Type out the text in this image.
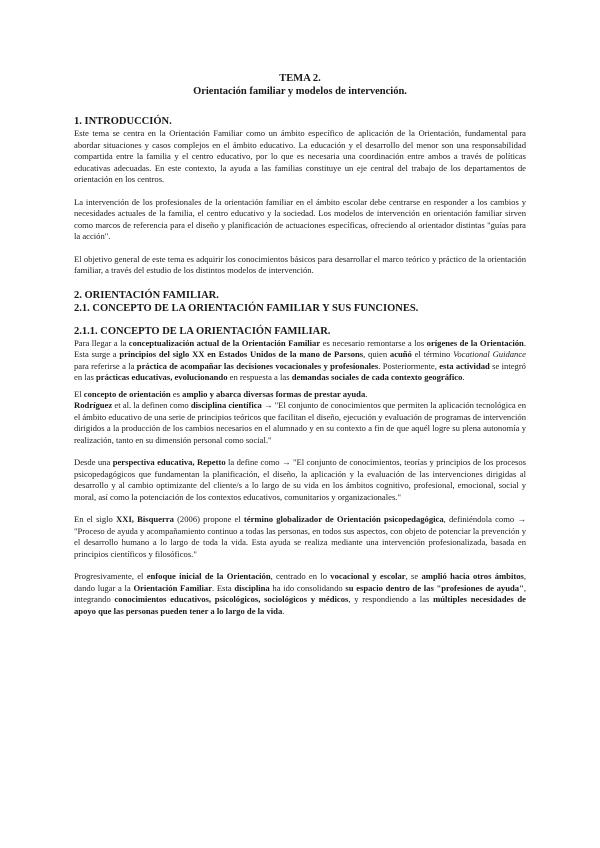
TEMA 2.
Orientación familiar y modelos de intervención.
1. INTRODUCCIÓN.

Este tema se centra en la Orientación Familiar como un ámbito específico de aplicación de la Orientación, fundamental para abordar situaciones y casos complejos en el ámbito educativo. La educación y el desarrollo del menor son una responsabilidad compartida entre la familia y el centro educativo, por lo que es necesaria una coordinación entre ambos a través de políticas educativas adecuadas. En este contexto, la ayuda a las familias constituye un eje central del trabajo de los departamentos de orientación en los centros.

La intervención de los profesionales de la orientación familiar en el ámbito escolar debe centrarse en responder a los cambios y necesidades actuales de la familia, el centro educativo y la sociedad. Los modelos de intervención en orientación familiar sirven como marcos de referencia para el diseño y planificación de actuaciones específicas, ofreciendo al orientador distintas "guías para la acción".

El objetivo general de este tema es adquirir los conocimientos básicos para desarrollar el marco teórico y práctico de la orientación familiar, a través del estudio de los distintos modelos de intervención.

2. ORIENTACIÓN FAMILIAR.
2.1. CONCEPTO DE LA ORIENTACIÓN FAMILIAR Y SUS FUNCIONES.
2.1.1. CONCEPTO DE LA ORIENTACIÓN FAMILIAR.

Para llegar a la conceptualización actual de la Orientación Familiar es necesario remontarse a los orígenes de la Orientación. Esta surge a principios del siglo XX en Estados Unidos de la mano de Parsons, quien acuñó el término Vocational Guidance para referirse a la práctica de acompañar las decisiones vocacionales y profesionales. Posteriormente, esta actividad se integró en las prácticas educativas, evolucionando en respuesta a las demandas sociales de cada contexto geográfico.

El concepto de orientación es amplio y abarca diversas formas de prestar ayuda.

Rodríguez et al. la definen como disciplina científica → "El conjunto de conocimientos que permiten la aplicación tecnológica en el ámbito educativo de una serie de principios teóricos que facilitan el diseño, ejecución y evaluación de programas de intervención dirigidos a la producción de los cambios necesarios en el alumnado y en su contexto a fin de que aquél logre su plena autonomía y realización, tanto en su dimensión personal como social."

Desde una perspectiva educativa, Repetto la define como → "El conjunto de conocimientos, teorías y principios de los procesos psicopedagógicos que fundamentan la planificación, el diseño, la aplicación y la evaluación de las intervenciones dirigidas al desarrollo y al cambio optimizante del cliente/s a lo largo de su vida en los ámbitos cognitivo, profesional, emocional, social y moral, así como la potenciación de los contextos educativos, comunitarios y organizacionales."

En el siglo XXI, Bisquerra (2006) propone el término globalizador de Orientación psicopedagógica, definiéndola como → "Proceso de ayuda y acompañamiento continuo a todas las personas, en todos sus aspectos, con objeto de potenciar la prevención y el desarrollo humano a lo largo de toda la vida. Esta ayuda se realiza mediante una intervención profesionalizada, basada en principios científicos y filosóficos."

Progresivamente, el enfoque inicial de la Orientación, centrado en lo vocacional y escolar, se amplió hacia otros ámbitos, dando lugar a la Orientación Familiar. Esta disciplina ha ido consolidando su espacio dentro de las "profesiones de ayuda", integrando conocimientos educativos, psicológicos, sociológicos y médicos, y respondiendo a las múltiples necesidades de apoyo que las personas pueden tener a lo largo de la vida.
